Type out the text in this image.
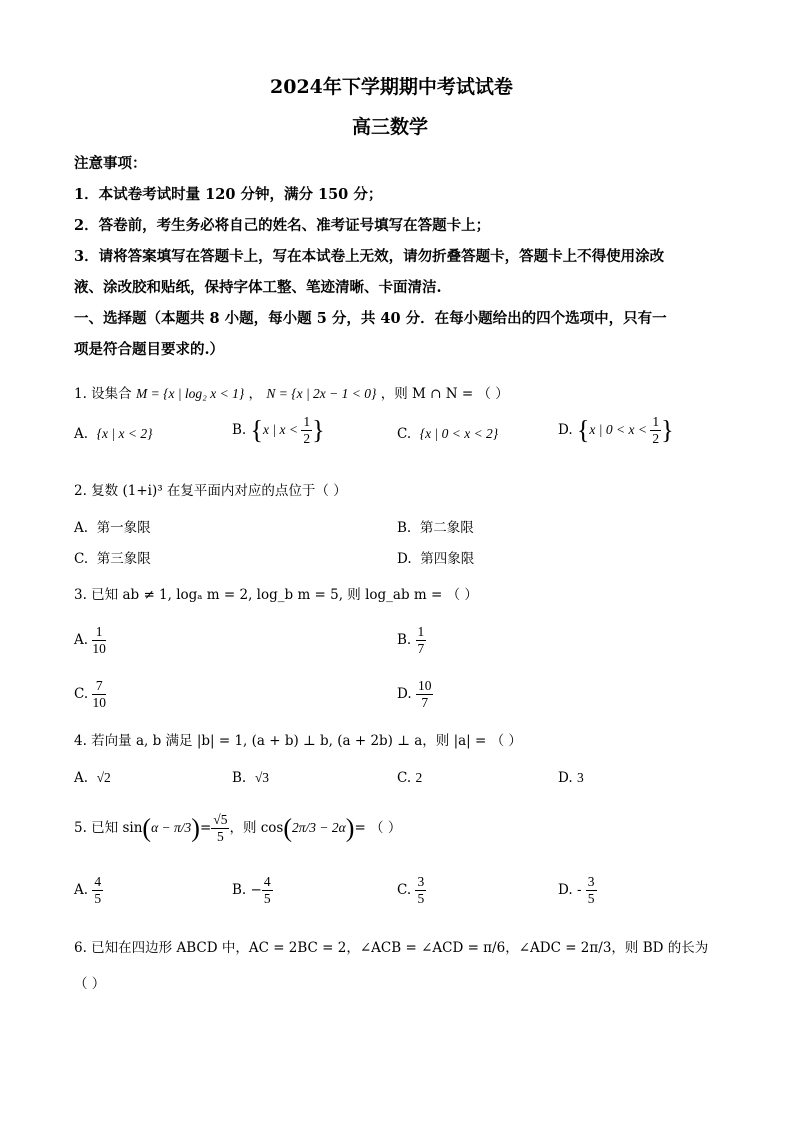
2024年下学期期中考试试卷
高三数学
注意事项：
1．本试卷考试时量 120 分钟，满分 150 分；
2．答卷前，考生务必将自己的姓名、准考证号填写在答题卡上；
3．请将答案填写在答题卡上，写在本试卷上无效，请勿折叠答题卡，答题卡上不得使用涂改
液、涂改胶和贴纸，保持字体工整、笔迹清晰、卡面清洁.
一、选择题（本题共 8 小题，每小题 5 分，共 40 分．在每小题给出的四个选项中，只有一
项是符合题目要求的.）
1. 设集合 M = {x | log₂ x < 1} ， N = {x | 2x − 1 < 0} ，则 M ∩ N = （ ）
A. {x | x < 2}	B. {x | $x < \frac{1}{2}$ }	C. {x | 0 < x < 2}	D. {x | $0 < x < \frac{1}{2}$ }
2. 复数 (1+i)³ 在复平面内对应的点位于（ ）
A. 第一象限	B. 第二象限
C. 第三象限	D. 第四象限
3. 已知 ab ≠ 1, logₐ m = 2, log_b m = 5, 则 log_ab m = （ ）
A. $\frac{1}{10}$	B. $\frac{1}{7}$
C. $\frac{7}{10}$	D. $\frac{10}{7}$
4. 若向量 a, b 满足 |b| = 1, (a + b) ⊥ b, (a + 2b) ⊥ a，则 |a| = （ ）
A. √2	B. √3	C. 2	D. 3
5. 已知 $\sin(\alpha - \pi/3)= \frac{√5}{5}$ ，则 cos(2π/3 − 2α)= （ ）
A. $\frac{4}{5}$	B. − $\frac{4}{5}$	C. $\frac{3}{5}$	D. - $\frac{3}{5}$
6. 已知在四边形 ABCD 中，AC = 2BC = 2，∠ACB = ∠ACD = π/6，∠ADC = 2π/3，则 BD 的长为
（ ）
